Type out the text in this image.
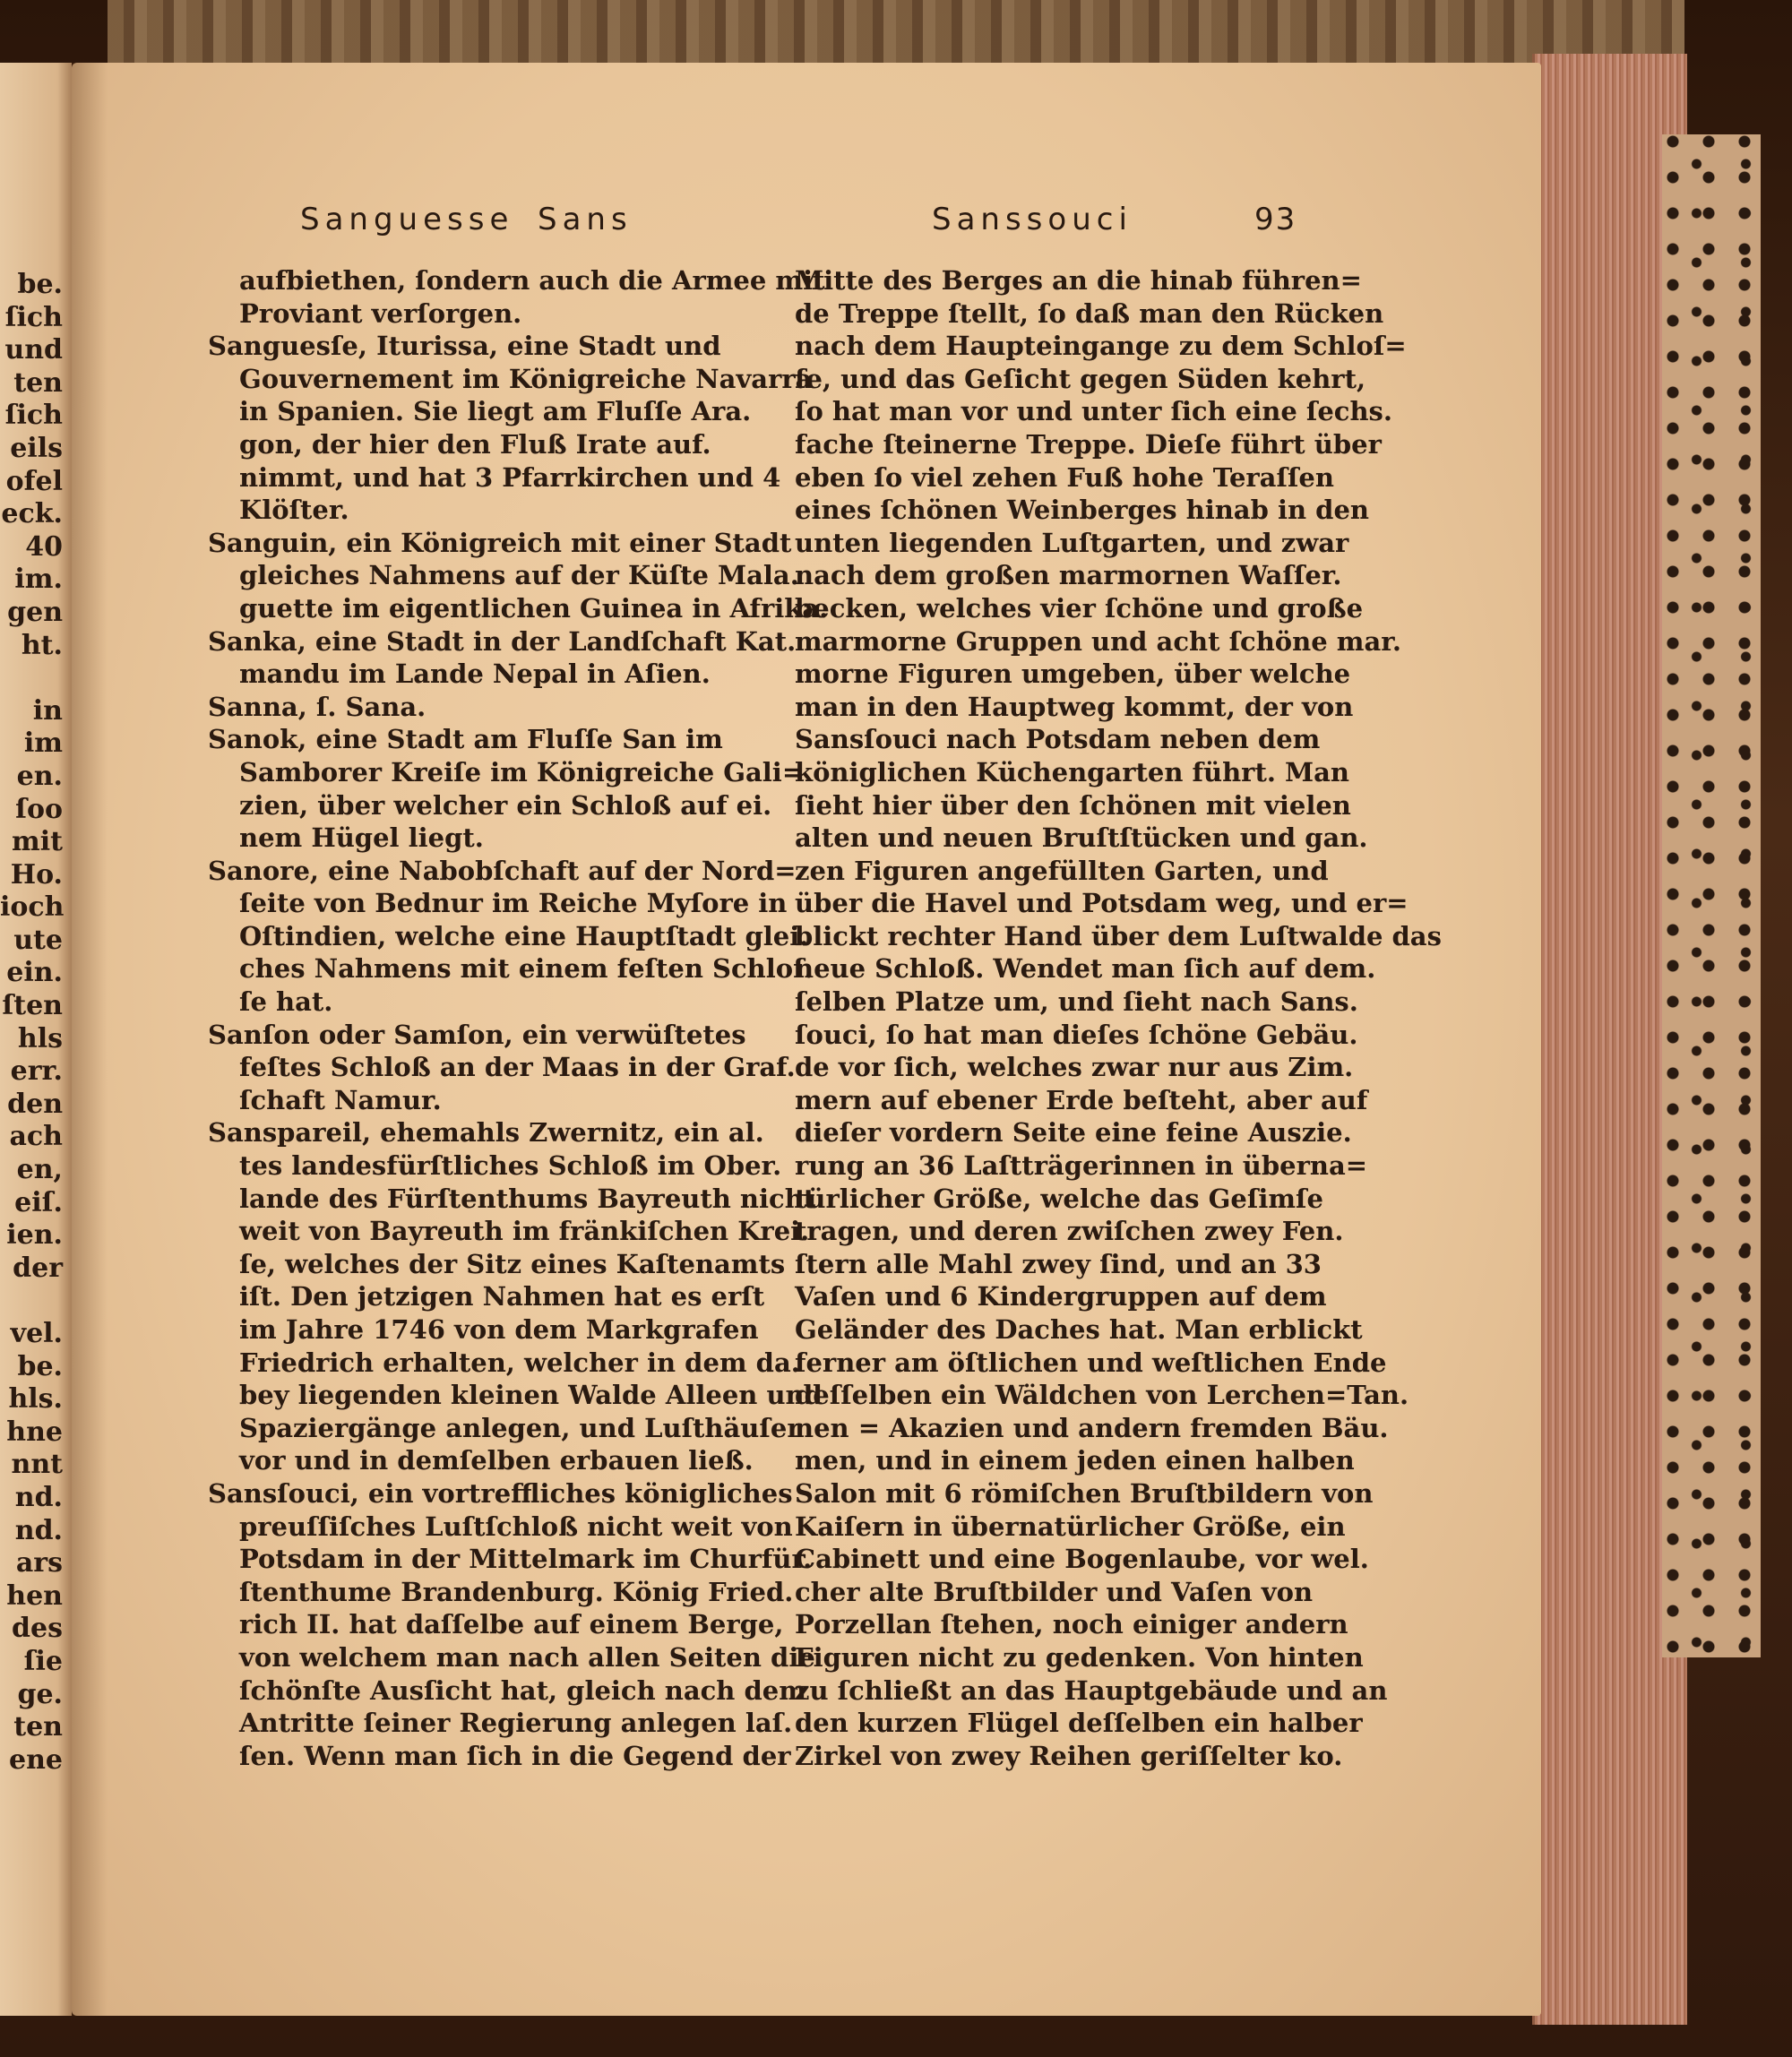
be.
ſich
und
ten
ſich
eils
ofel
eck.
40
im.
gen
ht.
in
im
en.
ſoo
mit
Ho.
ioch
ute
ein.
ſten
hls
err.
den
ach
en,
eiſ.
ien.
der
vel.
be.
hls.
hne
nnt
nd.
nd.
ars
hen
des
ſie
ge.
ten
ene
Sanguesse Sans	Sanssouci	93
aufbiethen, ſondern auch die Armee mit
Proviant verſorgen.
Sanguesſe, Iturissa, eine Stadt und
Gouvernement im Königreiche Navarra
in Spanien. Sie liegt am Fluſſe Ara.
gon, der hier den Fluß Irate auf.
nimmt, und hat 3 Pfarrkirchen und 4
Klöſter.
Sanguin, ein Königreich mit einer Stadt
gleiches Nahmens auf der Küſte Mala.
guette im eigentlichen Guinea in Afrika.
Sanka, eine Stadt in der Landſchaft Kat.
mandu im Lande Nepal in Aſien.
Sanna, ſ. Sana.
Sanok, eine Stadt am Fluſſe San im
Samborer Kreiſe im Königreiche Gali=
zien, über welcher ein Schloß auf ei.
nem Hügel liegt.
Sanore, eine Nabobſchaft auf der Nord=
ſeite von Bednur im Reiche Myſore in
Oſtindien, welche eine Hauptſtadt glei.
ches Nahmens mit einem feſten Schloſ.
ſe hat.
Sanſon oder Samſon, ein verwüſtetes
feſtes Schloß an der Maas in der Graf.
ſchaft Namur.
Sanspareil, ehemahls Zwernitz, ein al.
tes landesfürſtliches Schloß im Ober.
lande des Fürſtenthums Bayreuth nicht
weit von Bayreuth im fränkiſchen Krei.
ſe, welches der Sitz eines Kaſtenamts
iſt. Den jetzigen Nahmen hat es erſt
im Jahre 1746 von dem Markgrafen
Friedrich erhalten, welcher in dem da.
bey liegenden kleinen Walde Alleen und
Spaziergänge anlegen, und Luſthäuſer
vor und in demſelben erbauen ließ.
Sansſouci, ein vortreffliches königliches
preuſſiſches Luſtſchloß nicht weit von
Potsdam in der Mittelmark im Churfür.
ſtenthume Brandenburg. König Fried.
rich II. hat daſſelbe auf einem Berge,
von welchem man nach allen Seiten die
ſchönſte Ausſicht hat, gleich nach dem
Antritte ſeiner Regierung anlegen laſ.
ſen. Wenn man ſich in die Gegend der
Mitte des Berges an die hinab führen=
de Treppe ſtellt, ſo daß man den Rücken
nach dem Haupteingange zu dem Schloſ=
ſe, und das Geſicht gegen Süden kehrt,
ſo hat man vor und unter ſich eine ſechs.
fache ſteinerne Treppe. Dieſe führt über
eben ſo viel zehen Fuß hohe Teraſſen
eines ſchönen Weinberges hinab in den
unten liegenden Luſtgarten, und zwar
nach dem großen marmornen Waſſer.
becken, welches vier ſchöne und große
marmorne Gruppen und acht ſchöne mar.
morne Figuren umgeben, über welche
man in den Hauptweg kommt, der von
Sansſouci nach Potsdam neben dem
königlichen Küchengarten führt. Man
ſieht hier über den ſchönen mit vielen
alten und neuen Bruſtſtücken und gan.
zen Figuren angefüllten Garten, und
über die Havel und Potsdam weg, und er=
blickt rechter Hand über dem Luſtwalde das
neue Schloß. Wendet man ſich auf dem.
ſelben Platze um, und ſieht nach Sans.
ſouci, ſo hat man dieſes ſchöne Gebäu.
de vor ſich, welches zwar nur aus Zim.
mern auf ebener Erde beſteht, aber auf
dieſer vordern Seite eine feine Auszie.
rung an 36 Laſtträgerinnen in überna=
türlicher Größe, welche das Geſimſe
tragen, und deren zwiſchen zwey Fen.
ſtern alle Mahl zwey ſind, und an 33
Vaſen und 6 Kindergruppen auf dem
Geländer des Daches hat. Man erblickt
ferner am öſtlichen und weſtlichen Ende
deſſelben ein Wäldchen von Lerchen=Tan.
nen = Akazien und andern fremden Bäu.
men, und in einem jeden einen halben
Salon mit 6 römiſchen Bruſtbildern von
Kaiſern in übernatürlicher Größe, ein
Cabinett und eine Bogenlaube, vor wel.
cher alte Bruſtbilder und Vaſen von
Porzellan ſtehen, noch einiger andern
Figuren nicht zu gedenken. Von hinten
zu ſchließt an das Hauptgebäude und an
den kurzen Flügel deſſelben ein halber
Zirkel von zwey Reihen geriſſelter ko.
